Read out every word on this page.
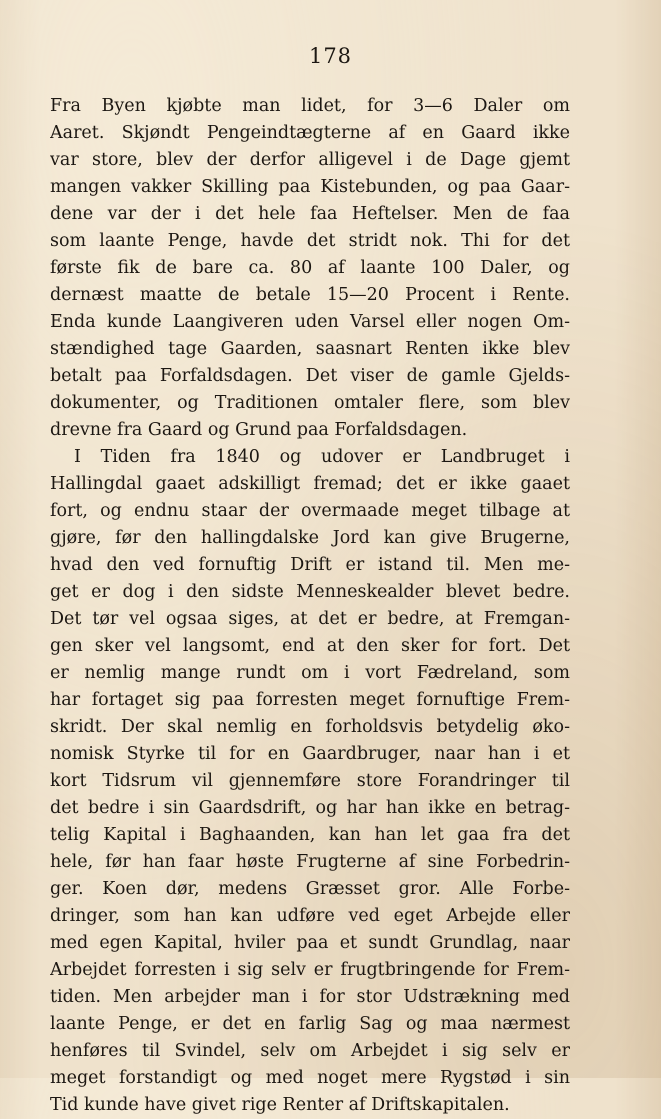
178
Fra Byen kjøbte man lidet, for 3—6 Daler om
Aaret. Skjøndt Pengeindtægterne af en Gaard ikke
var store, blev der derfor alligevel i de Dage gjemt
mangen vakker Skilling paa Kistebunden, og paa Gaar-
dene var der i det hele faa Heftelser. Men de faa
som laante Penge, havde det stridt nok. Thi for det
første fik de bare ca. 80 af laante 100 Daler, og
dernæst maatte de betale 15—20 Procent i Rente.
Enda kunde Laangiveren uden Varsel eller nogen Om-
stændighed tage Gaarden, saasnart Renten ikke blev
betalt paa Forfaldsdagen. Det viser de gamle Gjelds-
dokumenter, og Traditionen omtaler flere, som blev
drevne fra Gaard og Grund paa Forfaldsdagen.
I Tiden fra 1840 og udover er Landbruget i
Hallingdal gaaet adskilligt fremad; det er ikke gaaet
fort, og endnu staar der overmaade meget tilbage at
gjøre, før den hallingdalske Jord kan give Brugerne,
hvad den ved fornuftig Drift er istand til. Men me-
get er dog i den sidste Menneskealder blevet bedre.
Det tør vel ogsaa siges, at det er bedre, at Fremgan-
gen sker vel langsomt, end at den sker for fort. Det
er nemlig mange rundt om i vort Fædreland, som
har fortaget sig paa forresten meget fornuftige Frem-
skridt. Der skal nemlig en forholdsvis betydelig øko-
nomisk Styrke til for en Gaardbruger, naar han i et
kort Tidsrum vil gjennemføre store Forandringer til
det bedre i sin Gaardsdrift, og har han ikke en betrag-
telig Kapital i Baghaanden, kan han let gaa fra det
hele, før han faar høste Frugterne af sine Forbedrin-
ger. Koen dør, medens Græsset gror. Alle Forbe-
dringer, som han kan udføre ved eget Arbejde eller
med egen Kapital, hviler paa et sundt Grundlag, naar
Arbejdet forresten i sig selv er frugtbringende for Frem-
tiden. Men arbejder man i for stor Udstrækning med
laante Penge, er det en farlig Sag og maa nærmest
henføres til Svindel, selv om Arbejdet i sig selv er
meget forstandigt og med noget mere Rygstød i sin
Tid kunde have givet rige Renter af Driftskapitalen.
